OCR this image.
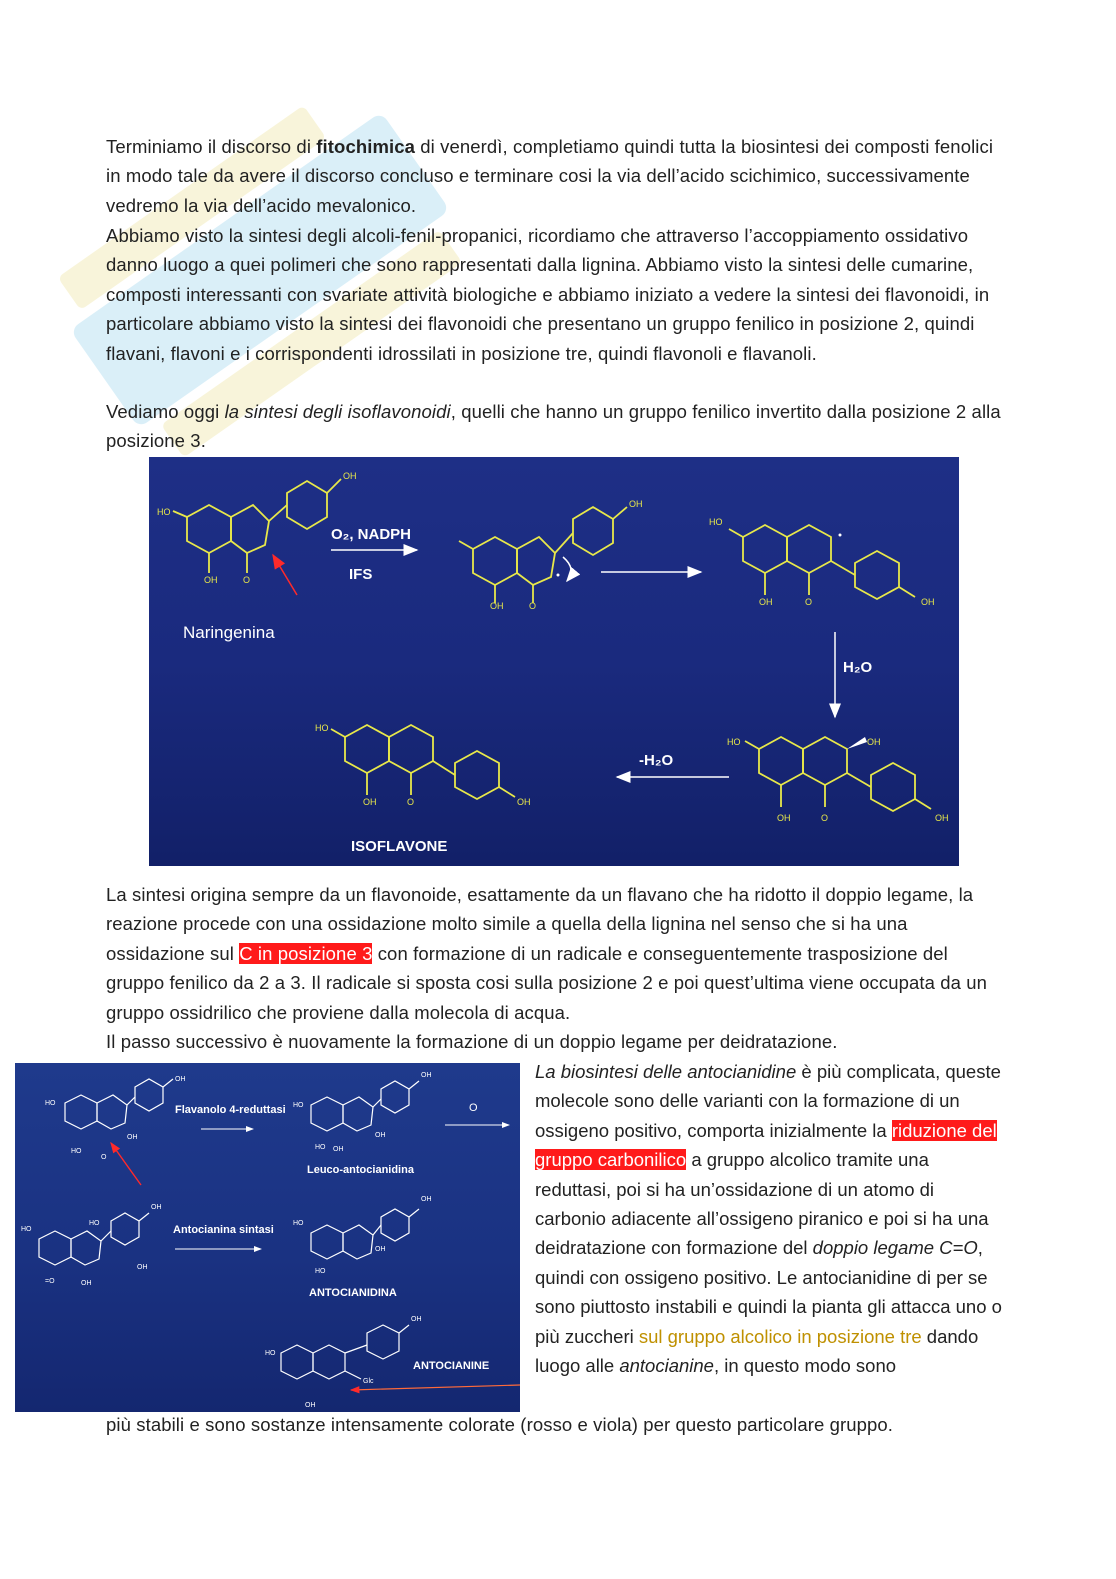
Terminiamo il discorso di fitochimica di venerdì, completiamo quindi tutta la biosintesi dei composti fenolici in modo tale da avere il discorso concluso e terminare cosi la via dell’acido scichimico, successivamente vedremo la via dell’acido mevalonico.
Abbiamo visto la sintesi degli alcoli-fenil-propanici, ricordiamo che attraverso l’accoppiamento ossidativo danno luogo a quei polimeri che sono rappresentati dalla lignina. Abbiamo visto la sintesi delle cumarine, composti interessanti con svariate attività biologiche e abbiamo iniziato a vedere la sintesi dei flavonoidi, in particolare abbiamo visto la sintesi dei flavonoidi che presentano un gruppo fenilico in posizione 2, quindi flavani, flavoni e i corrispondenti idrossilati in posizione tre, quindi flavonoli e flavanoli.
Vediamo oggi la sintesi degli isoflavonoidi, quelli che hanno un gruppo fenilico invertito dalla posizione 2 alla posizione 3.
HO
OH
OH	O
OH
OH	O
HO
OH	O	OH
HO	OH
OH	O	OH
HO
OH	O	OH
O₂, NADPH
IFS
H₂O
-H₂O
Naringenina
ISOFLAVONE
La sintesi origina sempre da un flavonoide, esattamente da un flavano che ha ridotto il doppio legame, la reazione procede con una ossidazione molto simile a quella della lignina nel senso che si ha una ossidazione sul C in posizione 3 con formazione di un radicale e conseguentemente trasposizione del gruppo fenilico da 2 a 3. Il radicale si sposta cosi sulla posizione 2 e poi quest’ultima viene occupata da un gruppo ossidrilico che proviene dalla molecola di acqua.
Il passo successivo è nuovamente la formazione di un doppio legame per deidratazione.
HO
OH
HO
OH
O
HO
OH
HO
OH
OH
HO
OH
HO
=O	OH
OH
HO
OH
HO
OH
HO
OH
OH
Glc
Flavanolo 4-reduttasi	O
Leuco-antocianidina
Antocianina sintasi
ANTOCIANIDINA
ANTOCIANINE
La biosintesi delle antocianidine è più complicata, queste molecole sono delle varianti con la formazione di un ossigeno positivo, comporta inizialmente la riduzione del gruppo carbonilico a gruppo alcolico tramite una reduttasi, poi si ha un’ossidazione di un atomo di carbonio adiacente all’ossigeno piranico e poi si ha una deidratazione con formazione del doppio legame C=O, quindi con ossigeno positivo. Le antocianidine di per se sono piuttosto instabili e quindi la pianta gli attacca uno o più zuccheri sul gruppo alcolico in posizione tre dando luogo alle antocianine, in questo modo sono
più stabili e sono sostanze intensamente colorate (rosso e viola) per questo particolare gruppo.
